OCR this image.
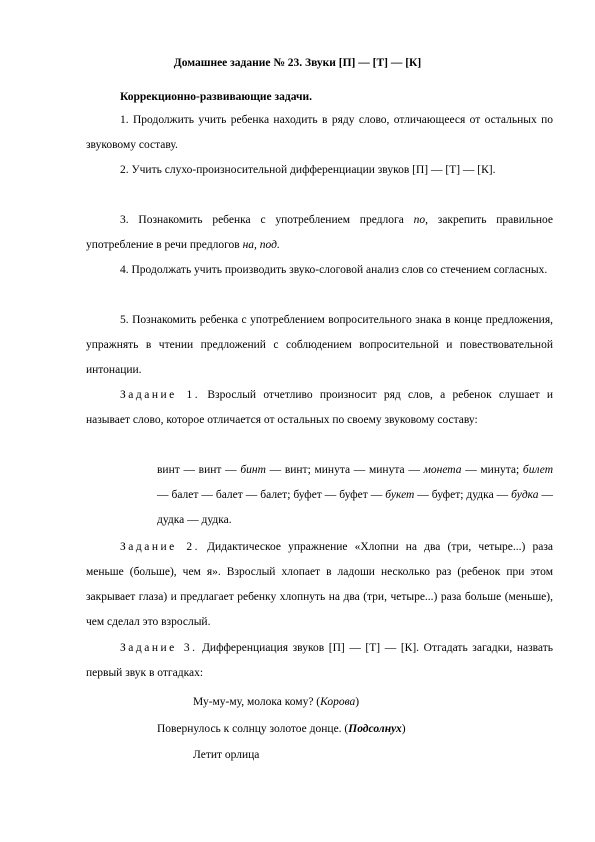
Домашнее задание № 23. Звуки [П] — [Т] — [К]
Коррекционно-развивающие задачи.
1. Продолжить учить ребенка находить в ряду слово, отличающееся от остальных по звуковому составу.
2. Учить слухо-произносительной дифференциации звуков [П] — [Т] — [К].
3. Познакомить ребенка с употреблением предлога по, закрепить правильное употребление в речи предлогов на, под.
4. Продолжать учить производить звуко-слоговой анализ слов со стечением согласных.
5. Познакомить ребенка с употреблением вопросительного знака в конце предложения, упражнять в чтении предложений с соблюдением вопросительной и повествовательной интонации.
Задание 1. Взрослый отчетливо произносит ряд слов, а ребенок слушает и называет слово, которое отличается от остальных по своему звуковому составу:
винт — винт — бинт — винт; минута — минута — монета — минута; билет — балет — балет — балет; буфет — буфет — букет — буфет; дудка — будка — дудка — дудка.
Задание 2. Дидактическое упражнение «Хлопни на два (три, четыре...) раза меньше (больше), чем я». Взрослый хлопает в ладоши несколько раз (ребенок при этом закрывает глаза) и предлагает ребенку хлопнуть на два (три, четыре...) раза больше (меньше), чем сделал это взрослый.
Задание 3. Дифференциация звуков [П] — [Т] — [К]. Отгадать загадки, назвать первый звук в отгадках:
Му-му-му, молока кому? (Корова)
Повернулось к солнцу золотое донце. (Подсолнух)
Летит орлица
